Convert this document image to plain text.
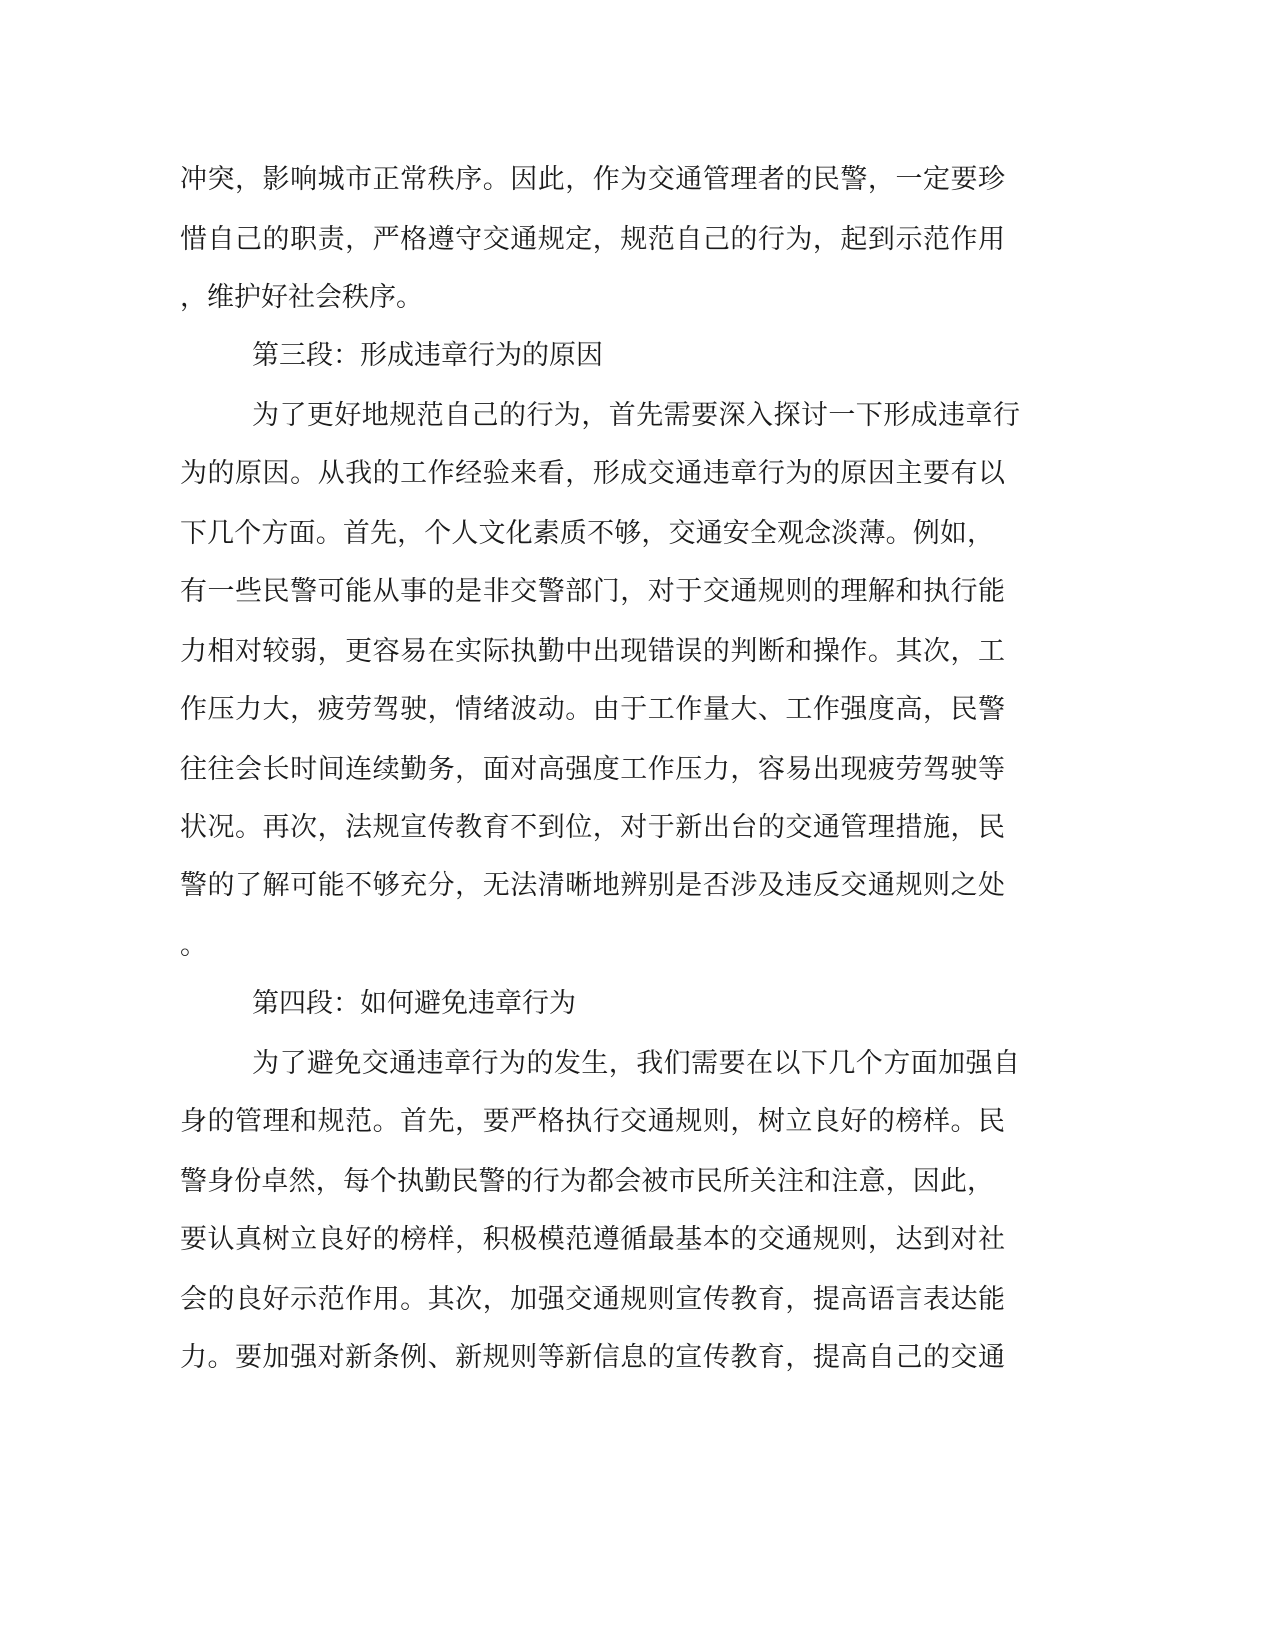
冲突，影响城市正常秩序。因此，作为交通管理者的民警，一定要珍

惜自己的职责，严格遵守交通规定，规范自己的行为，起到示范作用

，维护好社会秩序。

第三段：形成违章行为的原因

为了更好地规范自己的行为，首先需要深入探讨一下形成违章行

为的原因。从我的工作经验来看，形成交通违章行为的原因主要有以

下几个方面。首先，个人文化素质不够，交通安全观念淡薄。例如，

有一些民警可能从事的是非交警部门，对于交通规则的理解和执行能

力相对较弱，更容易在实际执勤中出现错误的判断和操作。其次，工

作压力大，疲劳驾驶，情绪波动。由于工作量大、工作强度高，民警

往往会长时间连续勤务，面对高强度工作压力，容易出现疲劳驾驶等

状况。再次，法规宣传教育不到位，对于新出台的交通管理措施，民

警的了解可能不够充分，无法清晰地辨别是否涉及违反交通规则之处

。

第四段：如何避免违章行为

为了避免交通违章行为的发生，我们需要在以下几个方面加强自

身的管理和规范。首先，要严格执行交通规则，树立良好的榜样。民

警身份卓然，每个执勤民警的行为都会被市民所关注和注意，因此，

要认真树立良好的榜样，积极模范遵循最基本的交通规则，达到对社

会的良好示范作用。其次，加强交通规则宣传教育，提高语言表达能

力。要加强对新条例、新规则等新信息的宣传教育，提高自己的交通
